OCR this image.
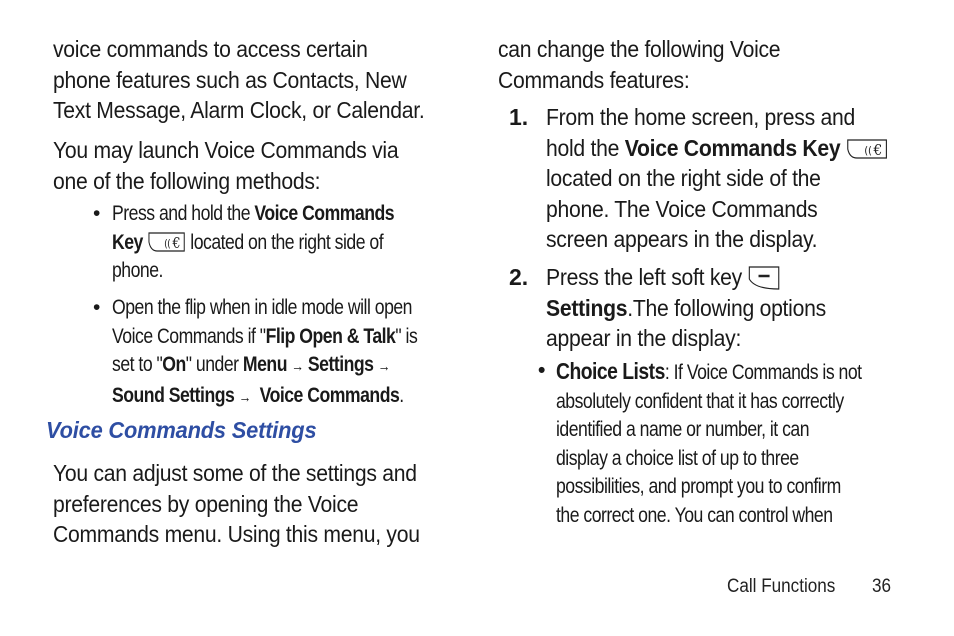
voice commands to access certain
phone features such as Contacts, New
Text Message, Alarm Clock, or Calendar.

You may launch Voice Commands via
one of the following methods:

• Press and hold the Voice Commands
Key (( € located on the right side of
phone.

• Open the flip when in idle mode will open
Voice Commands if "Flip Open & Talk" is
set to "On" under Menu → Settings →
Sound Settings → Voice Commands.

Voice Commands Settings

You can adjust some of the settings and
preferences by opening the Voice
Commands menu. Using this menu, you

can change the following Voice
Commands features:

1. From the home screen, press and
hold the Voice Commands Key (( €

located on the right side of the
phone. The Voice Commands
screen appears in the display.

2. Press the left soft key
Settings.The following options
appear in the display:

• Choice Lists: If Voice Commands is not
absolutely confident that it has correctly
identified a name or number, it can
display a choice list of up to three
possibilities, and prompt you to confirm
the correct one. You can control when

Call Functions 36
